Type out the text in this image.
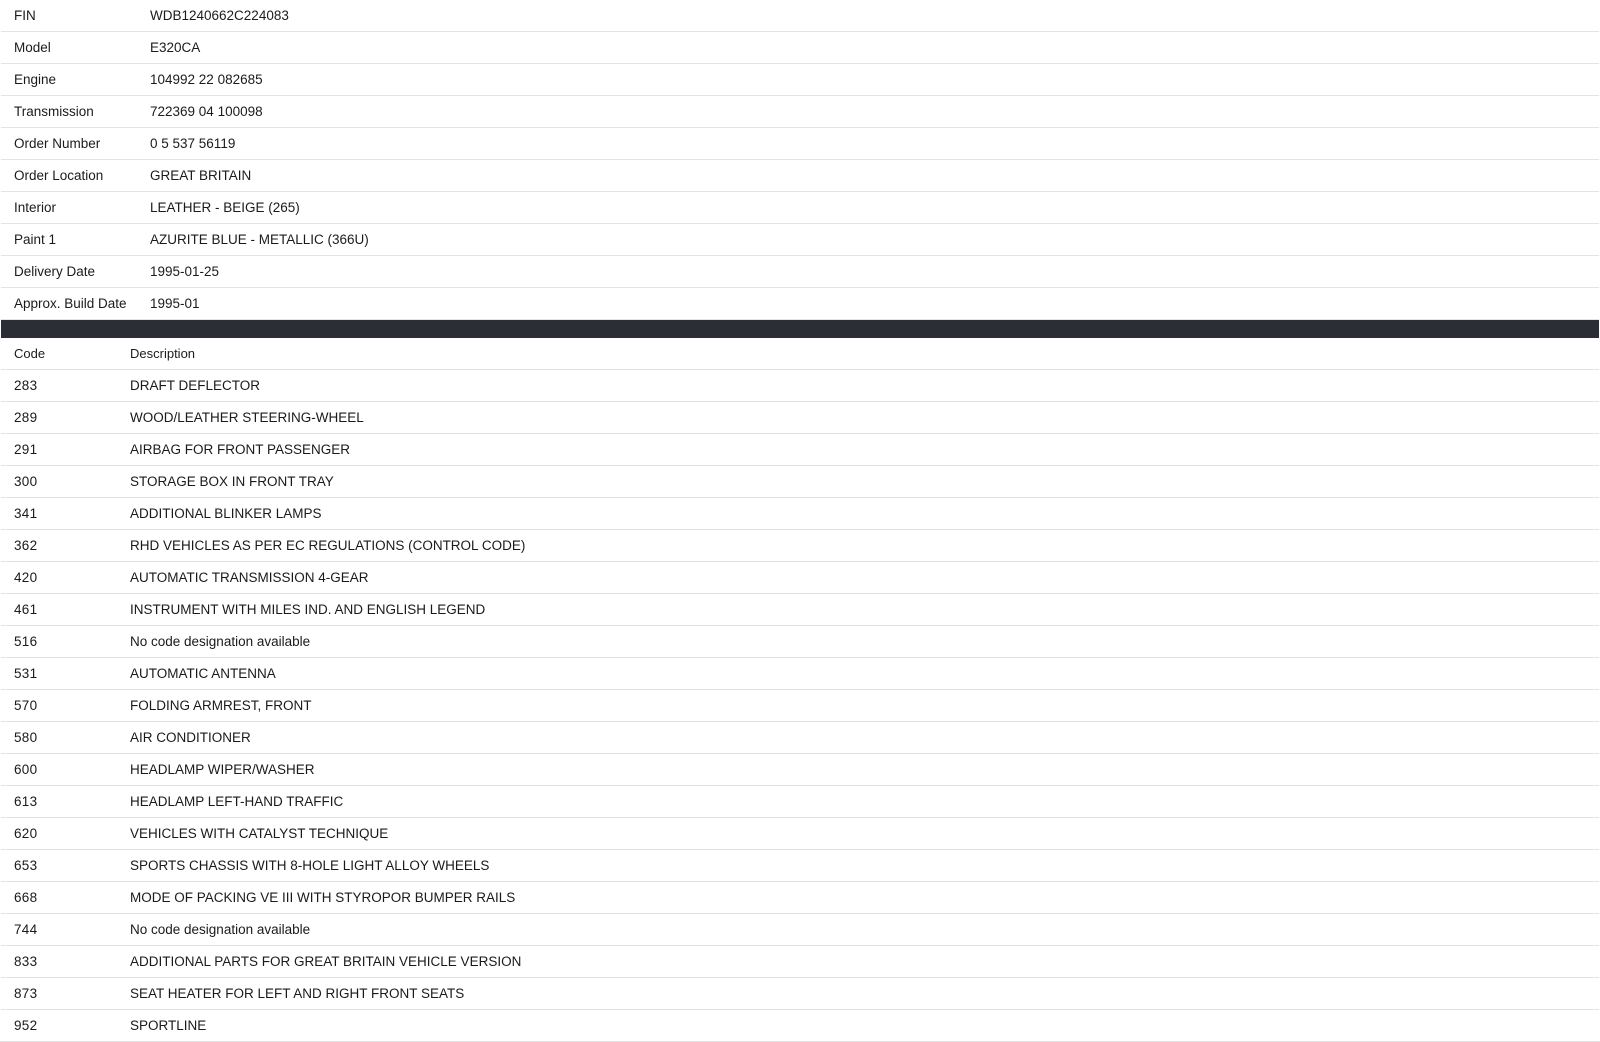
FIN	WDB1240662C224083
Model	E320CA
Engine	104992 22 082685
Transmission	722369 04 100098
Order Number	0 5 537 56119
Order Location	GREAT BRITAIN
Interior	LEATHER - BEIGE (265)
Paint 1	AZURITE BLUE - METALLIC (366U)
Delivery Date	1995-01-25
Approx. Build Date	1995-01
Code	Description
283	DRAFT DEFLECTOR
289	WOOD/LEATHER STEERING-WHEEL
291	AIRBAG FOR FRONT PASSENGER
300	STORAGE BOX IN FRONT TRAY
341	ADDITIONAL BLINKER LAMPS
362	RHD VEHICLES AS PER EC REGULATIONS (CONTROL CODE)
420	AUTOMATIC TRANSMISSION 4-GEAR
461	INSTRUMENT WITH MILES IND. AND ENGLISH LEGEND
516	No code designation available
531	AUTOMATIC ANTENNA
570	FOLDING ARMREST, FRONT
580	AIR CONDITIONER
600	HEADLAMP WIPER/WASHER
613	HEADLAMP LEFT-HAND TRAFFIC
620	VEHICLES WITH CATALYST TECHNIQUE
653	SPORTS CHASSIS WITH 8-HOLE LIGHT ALLOY WHEELS
668	MODE OF PACKING VE III WITH STYROPOR BUMPER RAILS
744	No code designation available
833	ADDITIONAL PARTS FOR GREAT BRITAIN VEHICLE VERSION
873	SEAT HEATER FOR LEFT AND RIGHT FRONT SEATS
952	SPORTLINE
